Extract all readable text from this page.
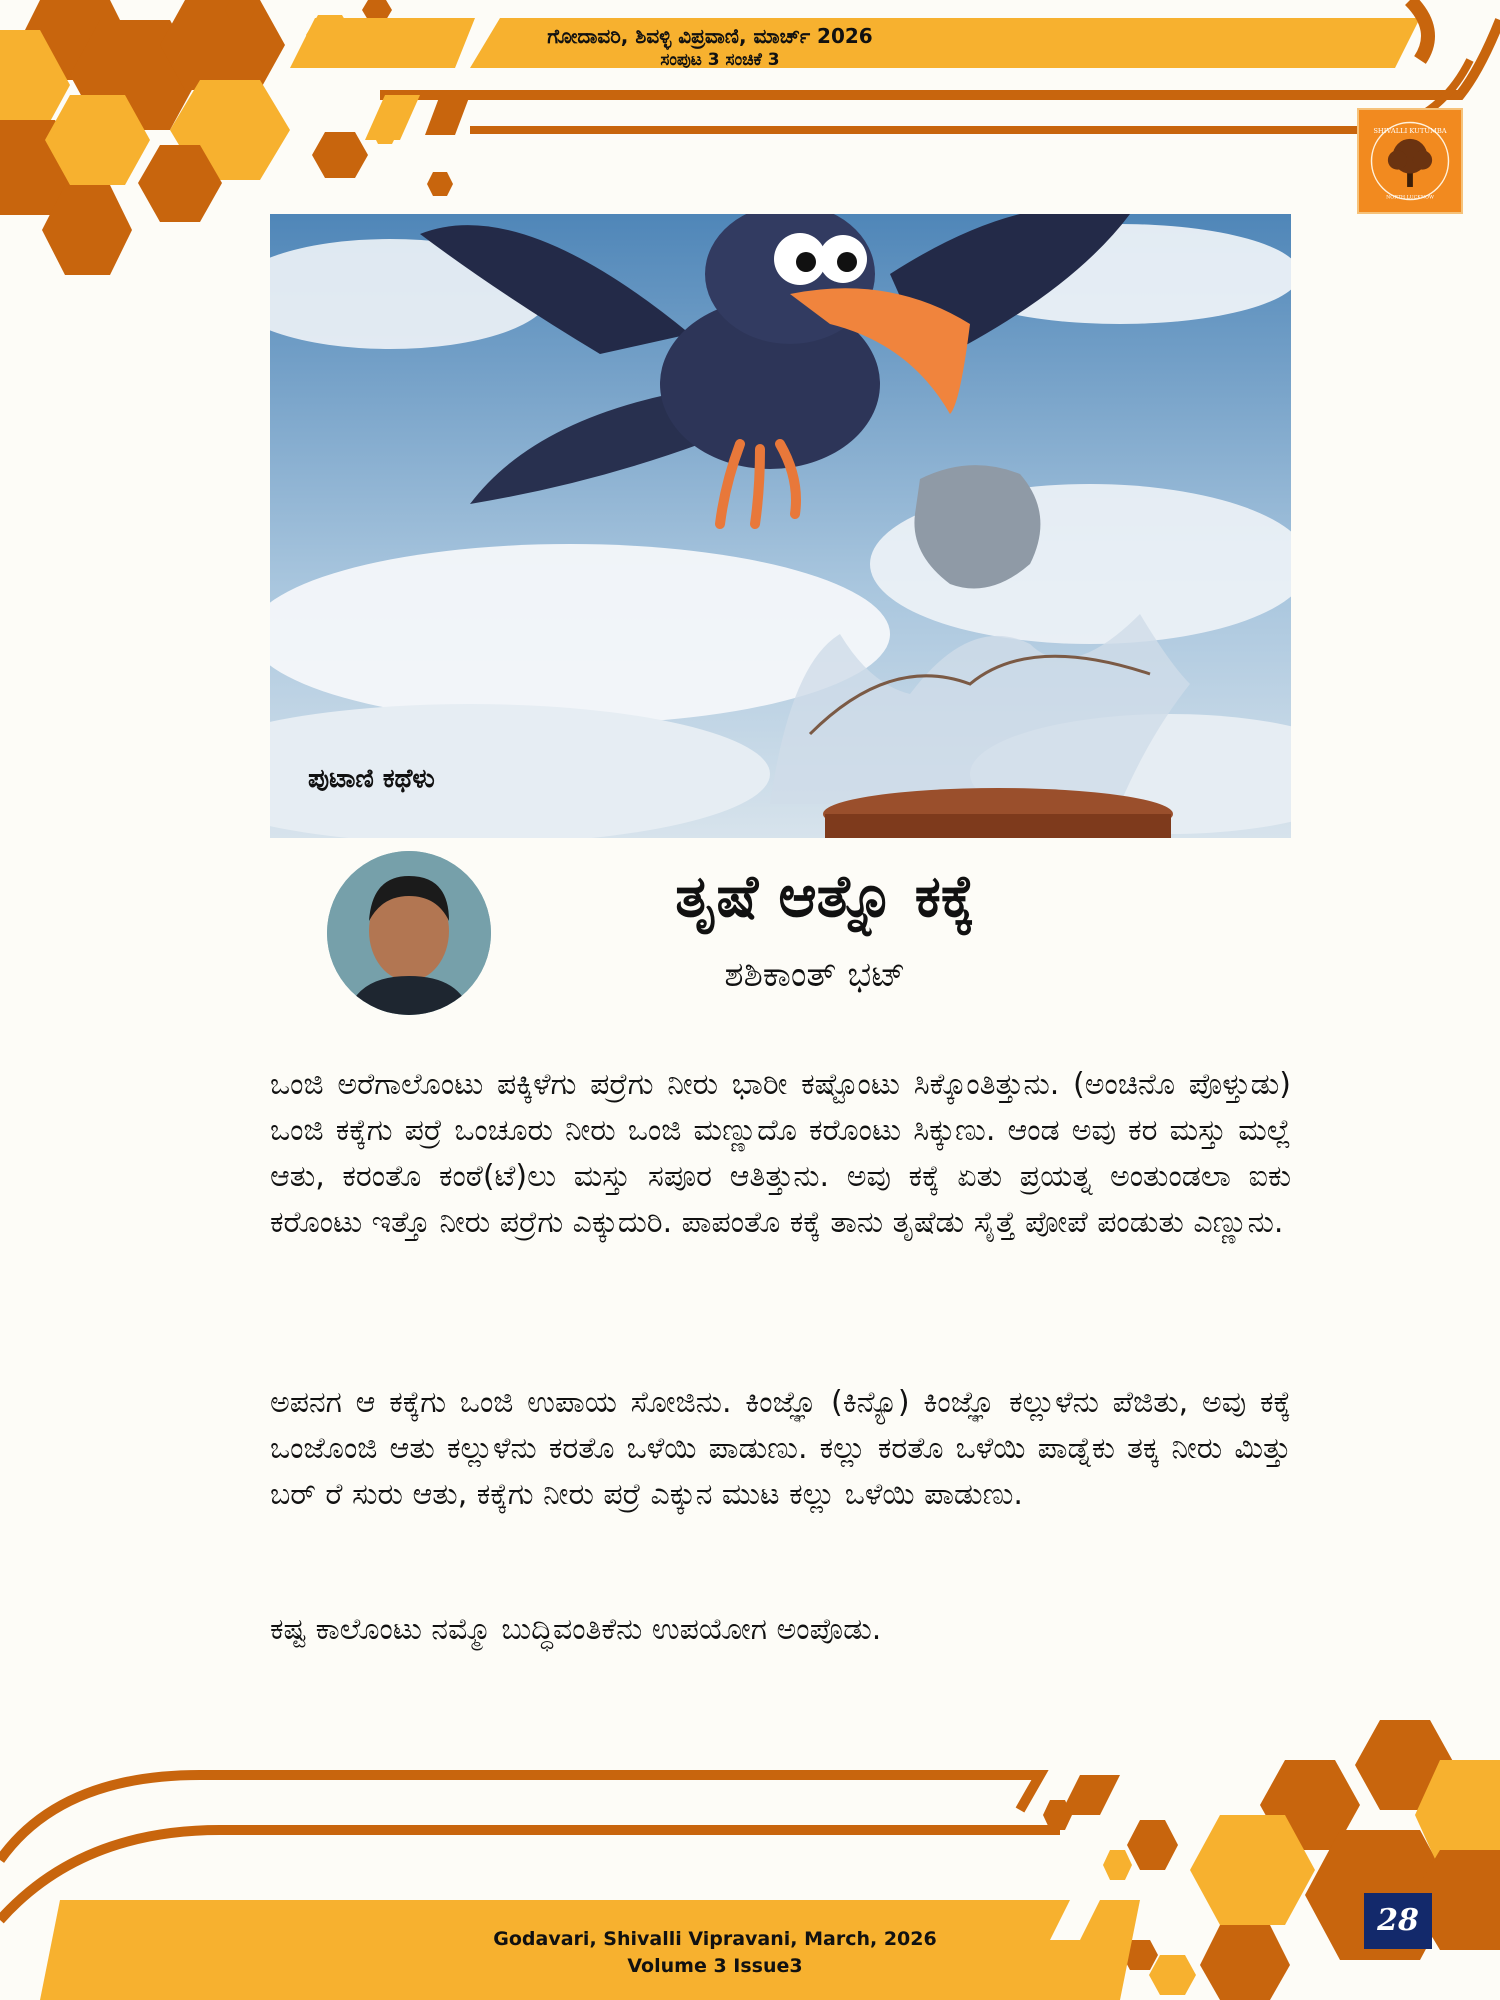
ಗೋದಾವರಿ, ಶಿವಳ್ಳಿ ವಿಪ್ರವಾಣಿ, ಮಾರ್ಚ್ 2026
ಸಂಪುಟ 3 ಸಂಚಿಕೆ 3
SHIVALLI KUTUMBA
NORTH LUCKNOW
ಪುಟಾಣಿ ಕಥೆಳು
ತೃಷೆ ಆತ್ನೊ ಕಕ್ಕೆ
ಶಶಿಕಾಂತ್ ಭಟ್
ಒಂಜಿ ಅರೆಗಾಲೊಂಟು ಪಕ್ಕಿಳೆಗು ಪರ್ರೆಗು ನೀರು ಭಾರೀ ಕಷ್ಟೊಂಟು ಸಿಕ್ಕೊಂತಿತ್ತುನು. (ಅಂಚಿನೊ ಪೊಳ್ತುಡು) ಒಂಜಿ ಕಕ್ಕೆಗು ಪರ್ರೆ ಒಂಚೂರು ನೀರು ಒಂಜಿ ಮಣ್ಣುದೊ ಕರೊಂಟು ಸಿಕ್ಕುಣು. ಆಂಡ ಅವು ಕರ ಮಸ್ತು ಮಲ್ಲೆ ಆತು, ಕರಂತೊ ಕಂಠೆ(ಟೆ)ಲು ಮಸ್ತು ಸಪೂರ ಆತಿತ್ತುನು. ಅವು ಕಕ್ಕೆ ಏತು ಪ್ರಯತ್ನ ಅಂತುಂಡಲಾ ಐಕು ಕರೊಂಟು ಇತ್ತೊ ನೀರು ಪರ್ರೆಗು ಎಕ್ಕುದುರಿ. ಪಾಪಂತೊ ಕಕ್ಕೆ ತಾನು ತೃಷೆಡು ಸೈತ್ತೆ ಪೋಪೆ ಪಂಡುತು ಎಣ್ಣುನು.
ಅಪನಗ ಆ ಕಕ್ಕೆಗು ಒಂಜಿ ಉಪಾಯ ಸೋಜಿನು. ಕಿಂಜ್ಞೊ (ಕಿನ್ಯೊ) ಕಿಂಜ್ಞೊ ಕಲ್ಲುಳೆನು ಪೆಜಿತು, ಅವು ಕಕ್ಕೆ ಒಂಜೊಂಜಿ ಆತು ಕಲ್ಲುಳೆನು ಕರತೊ ಒಳೆಯಿ ಪಾಡುಣು. ಕಲ್ಲು ಕರತೊ ಒಳೆಯಿ ಪಾಡ್ನೆಕು ತಕ್ಕ ನೀರು ಮಿತ್ತು ಬರ್ ರೆ ಸುರು ಆತು, ಕಕ್ಕೆಗು ನೀರು ಪರ್ರೆ ಎಕ್ಕುನ ಮುಟ ಕಲ್ಲು ಒಳೆಯಿ ಪಾಡುಣು.
ಕಷ್ಟ ಕಾಲೊಂಟು ನಮ್ಮೊ ಬುದ್ಧಿವಂತಿಕೆನು ಉಪಯೋಗ ಅಂಪೊಡು.
Godavari, Shivalli Vipravani, March, 2026
Volume 3 Issue3
28
